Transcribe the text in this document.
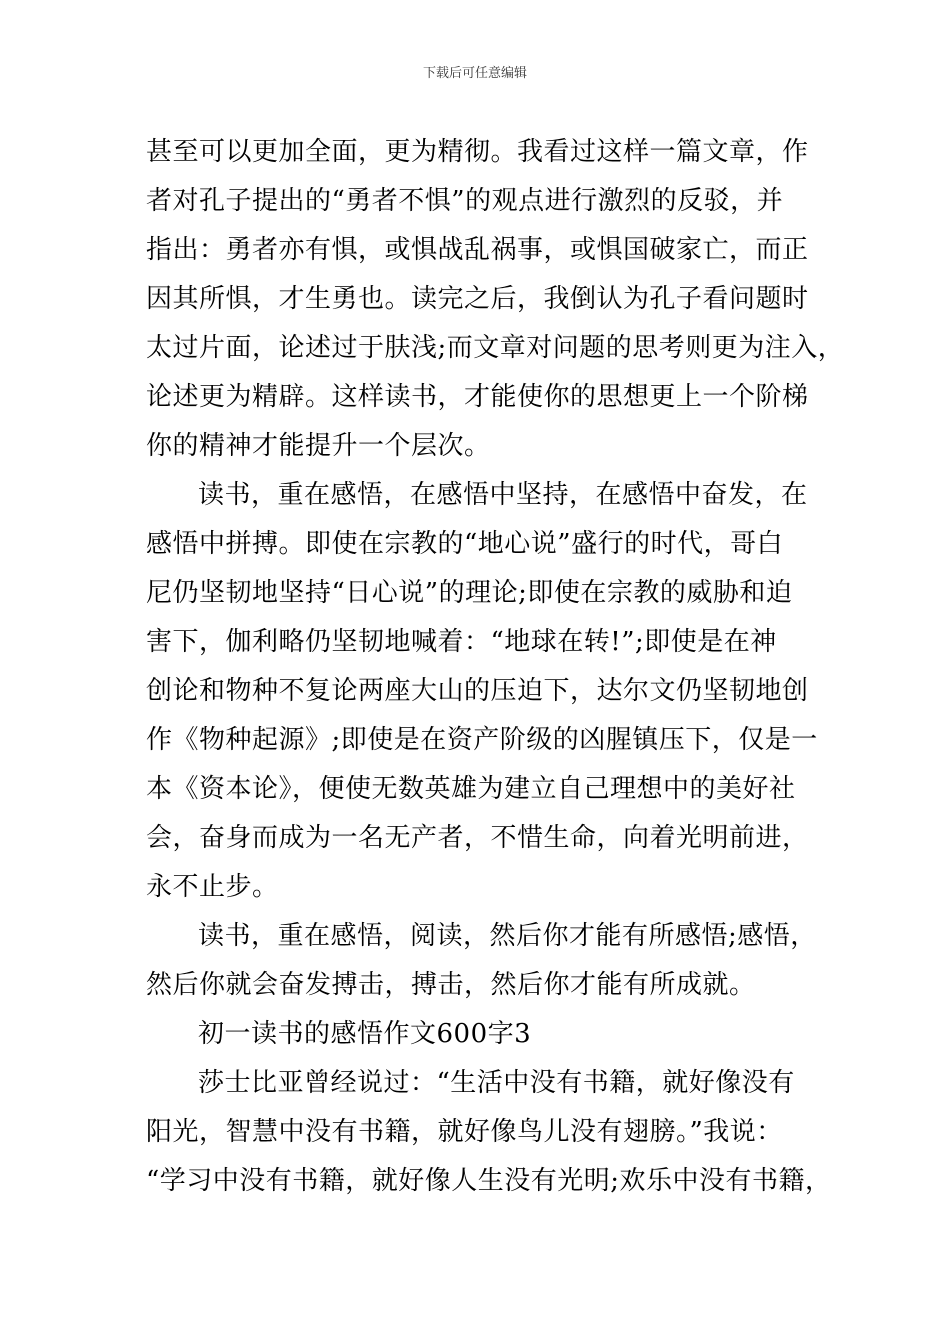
下载后可任意编辑
甚至可以更加全面，更为精彻。我看过这样一篇文章，作
者对孔子提出的“勇者不惧”的观点进行激烈的反驳，并
指出：勇者亦有惧，或惧战乱祸事，或惧国破家亡，而正
因其所惧，才生勇也。读完之后，我倒认为孔子看问题时
太过片面，论述过于肤浅;而文章对问题的思考则更为注入，
论述更为精辟。这样读书，才能使你的思想更上一个阶梯
你的精神才能提升一个层次。
读书，重在感悟，在感悟中坚持，在感悟中奋发，在
感悟中拼搏。即使在宗教的“地心说”盛行的时代，哥白
尼仍坚韧地坚持“日心说”的理论;即使在宗教的威胁和迫
害下，伽利略仍坚韧地喊着：“地球在转!”;即使是在神
创论和物种不复论两座大山的压迫下，达尔文仍坚韧地创
作《物种起源》;即使是在资产阶级的凶腥镇压下，仅是一
本《资本论》，便使无数英雄为建立自己理想中的美好社
会，奋身而成为一名无产者，不惜生命，向着光明前进，
永不止步。
读书，重在感悟，阅读，然后你才能有所感悟;感悟，
然后你就会奋发搏击，搏击，然后你才能有所成就。
初一读书的感悟作文600字3
莎士比亚曾经说过：“生活中没有书籍，就好像没有
阳光，智慧中没有书籍，就好像鸟儿没有翅膀。”我说：
“学习中没有书籍，就好像人生没有光明;欢乐中没有书籍，
